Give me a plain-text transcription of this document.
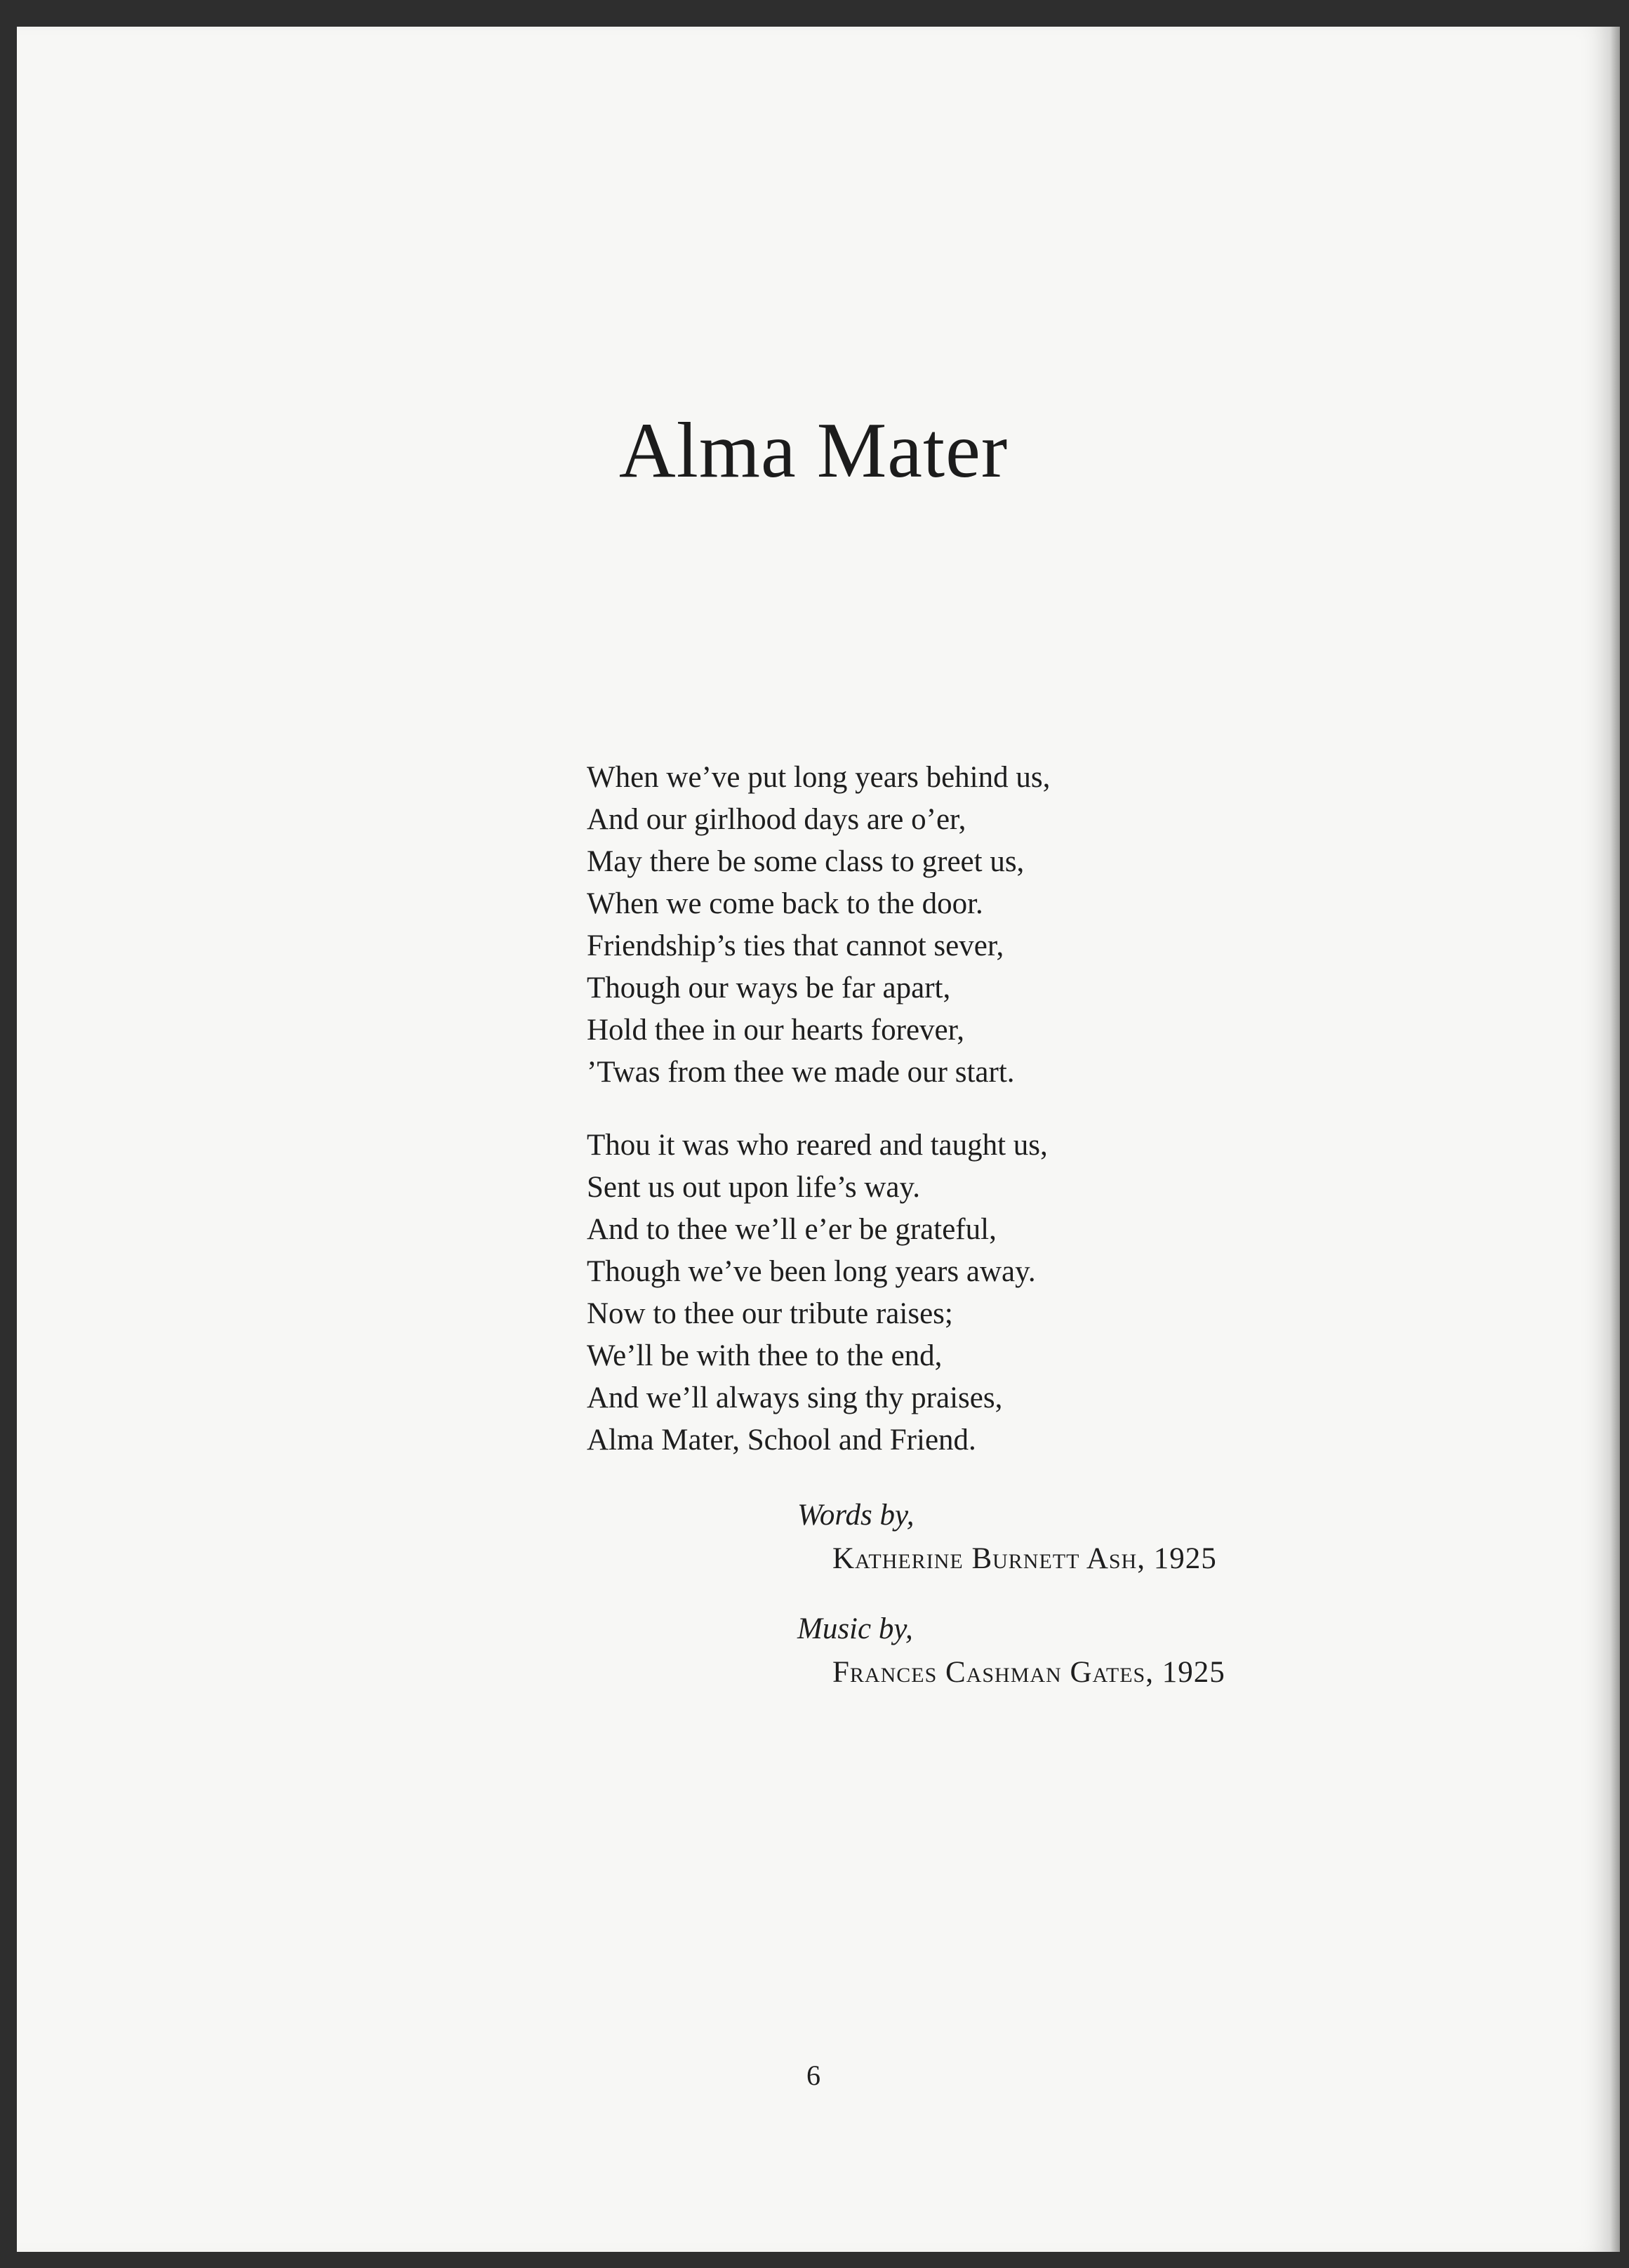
Alma Mater
When we’ve put long years behind us,
And our girlhood days are o’er,
May there be some class to greet us,
When we come back to the door.
Friendship’s ties that cannot sever,
Though our ways be far apart,
Hold thee in our hearts forever,
’Twas from thee we made our start.
Thou it was who reared and taught us,
Sent us out upon life’s way.
And to thee we’ll e’er be grateful,
Though we’ve been long years away.
Now to thee our tribute raises;
We’ll be with thee to the end,
And we’ll always sing thy praises,
Alma Mater, School and Friend.
Words by,
Katherine Burnett Ash, 1925
Music by,
Frances Cashman Gates, 1925
6
